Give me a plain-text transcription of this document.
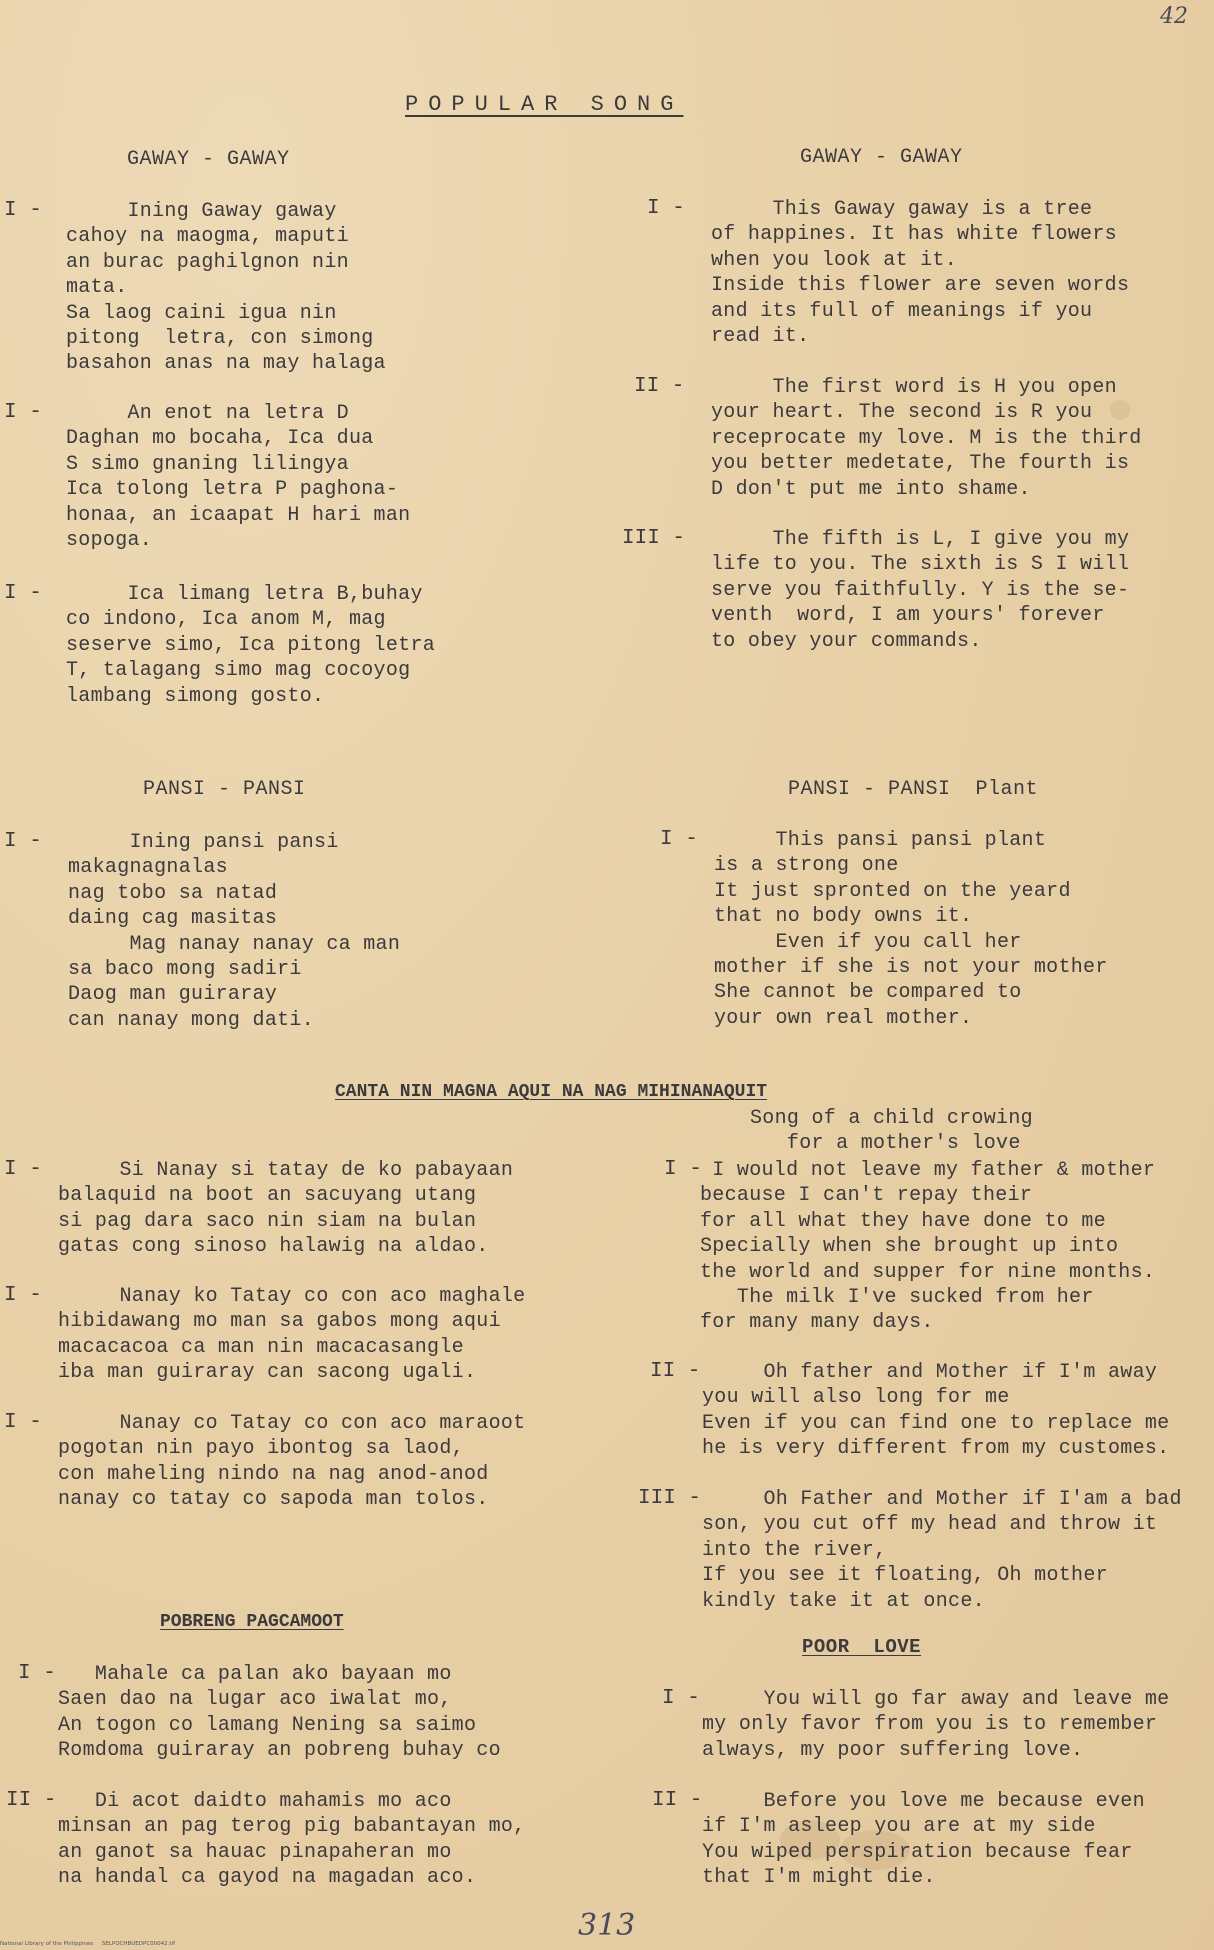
42
POPULAR SONG
GAWAY - GAWAY	GAWAY - GAWAY
I -	Ining Gaway gaway
cahoy na maogma, maputi
an burac paghilgnon nin
mata.
Sa laog caini igua nin
pitong  letra, con simong
basahon anas na may halaga
I -	An enot na letra D
Daghan mo bocaha, Ica dua
S simo gnaning lilingya
Ica tolong letra P paghona-
honaa, an icaapat H hari man
sopoga.
I -	Ica limang letra B,buhay
co indono, Ica anom M, mag
seserve simo, Ica pitong letra
T, talagang simo mag cocoyog
lambang simong gosto.
I -	This Gaway gaway is a tree
of happines. It has white flowers
when you look at it.
Inside this flower are seven words
and its full of meanings if you
read it.
II -	The first word is H you open
your heart. The second is R you
receprocate my love. M is the third
you better medetate, The fourth is
D don't put me into shame.
III -	The fifth is L, I give you my
life to you. The sixth is S I will
serve you faithfully. Y is the se-
venth  word, I am yours' forever
to obey your commands.
PANSI - PANSI	PANSI - PANSI  Plant
I -	Ining pansi pansi
makagnagnalas
nag tobo sa natad
daing cag masitas
Mag nanay nanay ca man
sa baco mong sadiri
Daog man guiraray
can nanay mong dati.
I -	This pansi pansi plant
is a strong one
It just spronted on the yeard
that no body owns it.
Even if you call her
mother if she is not your mother
She cannot be compared to
your own real mother.
CANTA NIN MAGNA AQUI NA NAG MIHINANAQUIT
Song of a child crowing
for a mother's love
I -	Si Nanay si tatay de ko pabayaan
balaquid na boot an sacuyang utang
si pag dara saco nin siam na bulan
gatas cong sinoso halawig na aldao.
I -	Nanay ko Tatay co con aco maghale
hibidawang mo man sa gabos mong aqui
macacacoa ca man nin macacasangle
iba man guiraray can sacong ugali.
I -	Nanay co Tatay co con aco maraoot
pogotan nin payo ibontog sa laod,
con maheling nindo na nag anod-anod
nanay co tatay co sapoda man tolos.
I - I would not leave my father & mother
because I can't repay their
for all what they have done to me
Specially when she brought up into
the world and supper for nine months.
The milk I've sucked from her
for many many days.
II -	Oh father and Mother if I'm away
you will also long for me
Even if you can find one to replace me
he is very different from my customes.
III -	Oh Father and Mother if I'am a bad
son, you cut off my head and throw it
into the river,
If you see it floating, Oh mother
kindly take it at once.
POBRENG PAGCAMOOT
POOR  LOVE
I -	Mahale ca palan ako bayaan mo
Saen dao na lugar aco iwalat mo,
An togon co lamang Nening sa saimo
Romdoma guiraray an pobreng buhay co
II -	Di acot daidto mahamis mo aco
minsan an pag terog pig babantayan mo,
an ganot sa hauac pinapaheran mo
na handal ca gayod na magadan aco.
I -	You will go far away and leave me
my only favor from you is to remember
always, my poor suffering love.
II -	Before you love me because even
if I'm asleep you are at my side
You wiped perspiration because fear
that I'm might die.
313
National Library of the Philippines     SELPOCHBUEDPC00042.tif
